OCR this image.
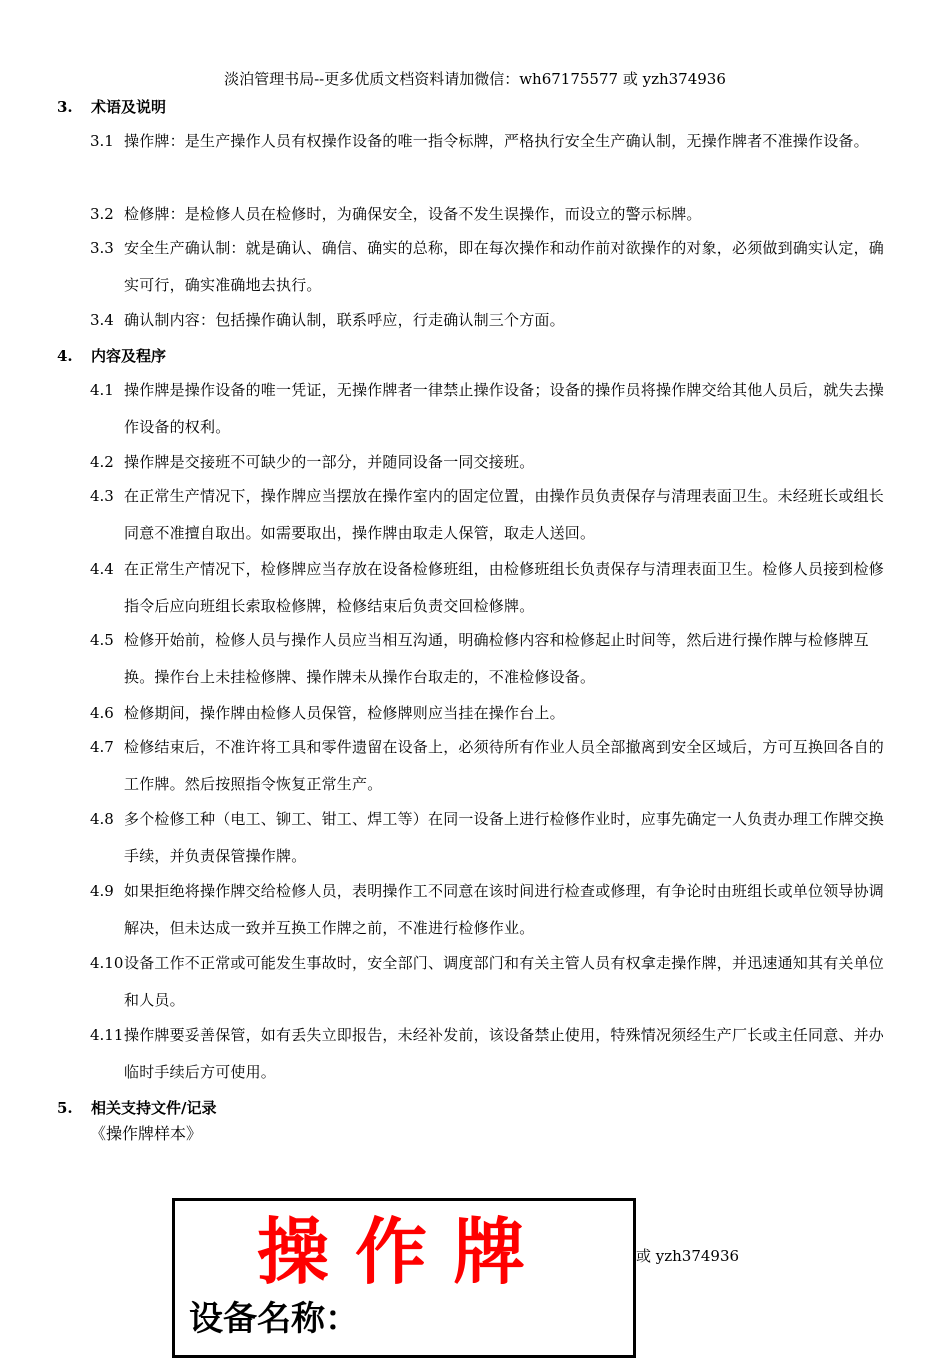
淡泊管理书局--更多优质文档资料请加微信：wh67175577 或 yzh374936
3. 术语及说明
3.1 操作牌：是生产操作人员有权操作设备的唯一指令标牌，严格执行安全生产确认制，无操作牌者不准操作设备。
3.2 检修牌：是检修人员在检修时，为确保安全，设备不发生误操作，而设立的警示标牌。
3.3 安全生产确认制：就是确认、确信、确实的总称，即在每次操作和动作前对欲操作的对象，必须做到确实认定，确实可行，确实准确地去执行。
3.4 确认制内容：包括操作确认制，联系呼应，行走确认制三个方面。
4. 内容及程序
4.1 操作牌是操作设备的唯一凭证，无操作牌者一律禁止操作设备；设备的操作员将操作牌交给其他人员后，就失去操作设备的权利。
4.2 操作牌是交接班不可缺少的一部分，并随同设备一同交接班。
4.3 在正常生产情况下，操作牌应当摆放在操作室内的固定位置，由操作员负责保存与清理表面卫生。未经班长或组长同意不准擅自取出。如需要取出，操作牌由取走人保管，取走人送回。
4.4 在正常生产情况下，检修牌应当存放在设备检修班组，由检修班组长负责保存与清理表面卫生。检修人员接到检修指令后应向班组长索取检修牌，检修结束后负责交回检修牌。
4.5 检修开始前，检修人员与操作人员应当相互沟通，明确检修内容和检修起止时间等，然后进行操作牌与检修牌互换。操作台上未挂检修牌、操作牌未从操作台取走的，不准检修设备。
4.6 检修期间，操作牌由检修人员保管，检修牌则应当挂在操作台上。
4.7 检修结束后，不准许将工具和零件遗留在设备上，必须待所有作业人员全部撤离到安全区域后，方可互换回各自的工作牌。然后按照指令恢复正常生产。
4.8 多个检修工种（电工、铆工、钳工、焊工等）在同一设备上进行检修作业时，应事先确定一人负责办理工作牌交换手续，并负责保管操作牌。
4.9 如果拒绝将操作牌交给检修人员，表明操作工不同意在该时间进行检查或修理，有争论时由班组长或单位领导协调解决，但未达成一致并互换工作牌之前，不准进行检修作业。
4.10 设备工作不正常或可能发生事故时，安全部门、调度部门和有关主管人员有权拿走操作牌，并迅速通知其有关单位和人员。
4.11 操作牌要妥善保管，如有丢失立即报告，未经补发前，该设备禁止使用，特殊情况须经生产厂长或主任同意、并办临时手续后方可使用。
5. 相关支持文件/记录
《操作牌样本》
或 yzh374936
操作牌
设备名称：
